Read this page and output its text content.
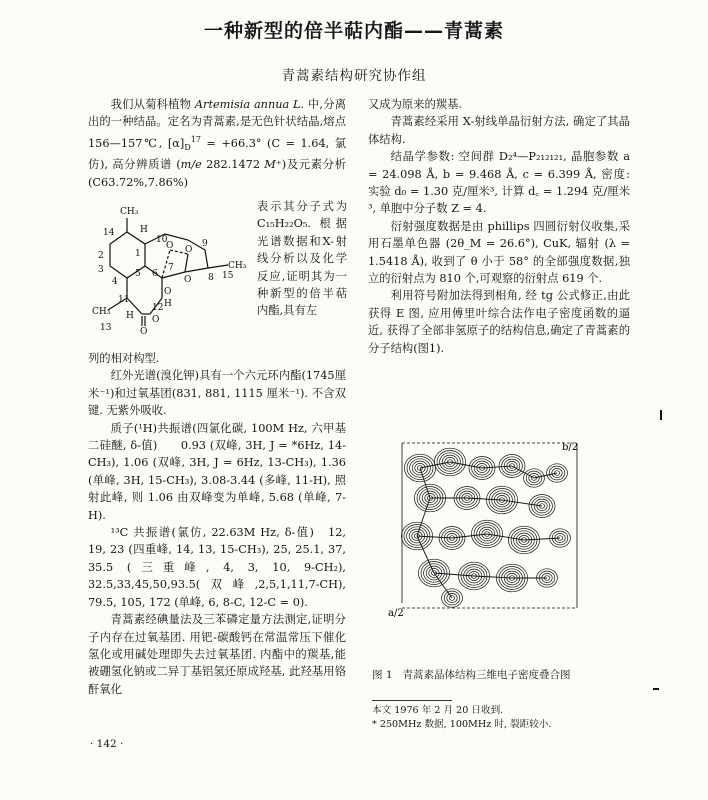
一种新型的倍半萜内酯——青蒿素
青蒿素结构研究协作组

我们从菊科植物 Artemisia annua L. 中,分离出的一种结晶。定名为青蒿素,是无色针状结晶,熔点 156—157℃, $[\alpha]_D^{17} = +66.3^\circ$ (C = 1.64, 氯仿), 高分辨质谱 (m/e 282.1472 M⁺)及元素分析(C63.72%,7.86%)

表示其分子式为C₁₅H₂₂O₅. 根据光谱数据和X-射线分析以及化学反应,证明其为一种新型的倍半萜内酯,具有左
CH₃
14
1
10	9
2
O O
3	5
4
6
O 8
O
CH₃
15
7
11
12 H
O
CH₃
13
H
O
H

列的相对构型.

红外光谱(溴化钾)具有一个六元环内酯(1745厘米⁻¹)和过氧基团(831, 881, 1115 厘米⁻¹). 不含双键. 无紫外吸收.

质子(¹H)共振谱(四氯化碳, 100M Hz, 六甲基二硅醚, δ-值)　　0.93 (双峰, 3H, J = *6Hz, 14-CH₃), 1.06 (双峰, 3H, J = 6Hz, 13-CH₃), 1.36 (单峰, 3H, 15-CH₃), 3.08-3.44 (多峰, 11-H), 照射此峰, 则 1.06 由双峰变为单峰, 5.68 (单峰, 7-H).

¹³C 共振谱(氯仿, 22.63M Hz, δ-值)　12, 19, 23 (四重峰, 14, 13, 15-CH₃), 25, 25.1, 37, 35.5 (三重峰, 4, 3, 10, 9-CH₂), 32.5,33,45,50,93.5(双峰,2,5,1,11,7-CH), 79.5, 105, 172 (单峰, 6, 8-C, 12-C = 0).

青蒿素经碘量法及三苯磷定量方法测定,证明分子内存在过氧基团. 用钯-碳酸钙在常温常压下催化氢化或用碱处理即失去过氧基团. 内酯中的羰基,能被硼氢化钠或二异丁基铝氢还原成羟基, 此羟基用铬酐氧化

· 142 ·

又成为原来的羰基.

青蒿素经采用 X-射线单晶衍射方法, 确定了其晶体结构.

结晶学参数: 空间群 D₂⁴—P₂₁₂₁₂₁, 晶胞参数 a = 24.098 Å, b = 9.468 Å, c = 6.399 Å, 密度: 实验 d₀ = 1.30 克/厘米³, 计算 d꜀ = 1.294 克/厘米³, 单胞中分子数 Z = 4.

衍射强度数据是由 phillips 四圆衍射仪收集,采用石墨单色器 (2θ_M = 26.6°), CuK, 辐射 (λ = 1.5418 Å), 收到了 θ 小于 58° 的全部强度数据,独立的衍射点为 810 个,可观察的衍射点 619 个.

利用符号附加法得到相角, 经 tg 公式修正,由此获得 E 图, 应用傅里叶综合法作电子密度函数的逼近, 获得了全部非氢原子的结构信息,确定了青蒿素的分子结构(图1).

b/2
a/2
图 1 青蒿素晶体结构三维电子密度叠合图
本文 1976 年 2 月 20 日收到.
* 250MHz 数据, 100MHz 时, 裂距较小.
